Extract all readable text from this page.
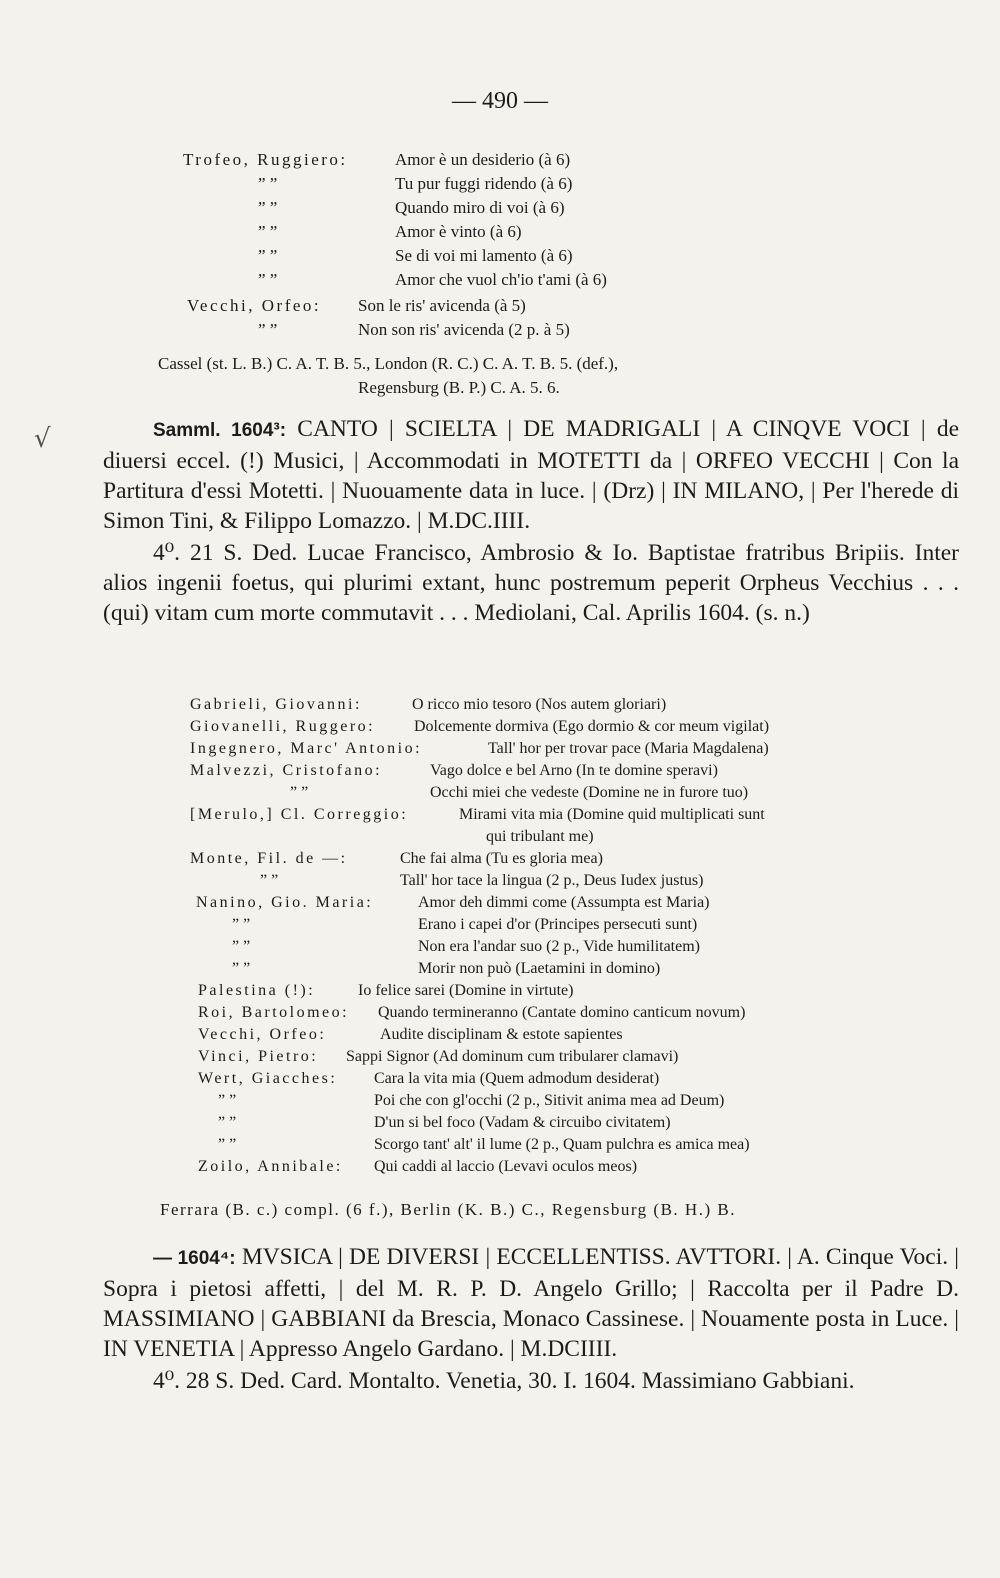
— 490 —
Trofeo, Ruggiero:	Amor è un desiderio (à 6)
” ”	Tu pur fuggi ridendo (à 6)
” ”	Quando miro di voi (à 6)
” ”	Amor è vinto (à 6)
” ”	Se di voi mi lamento (à 6)
” ”	Amor che vuol ch'io t'ami (à 6)
Vecchi, Orfeo: Son le ris' avicenda (à 5)
” ”	Non son ris' avicenda (2 p. à 5)
Cassel (st. L. B.) C. A. T. B. 5., London (R. C.) C. A. T. B. 5. (def.),
Regensburg (B. P.) C. A. 5. 6.
√	Samml. 1604³: CANTO | SCIELTA | DE MADRIGALI | A CINQVE VOCI | de diuersi eccel. (!) Musici, | Accommodati in MOTETTI da | ORFEO VECCHI | Con la Partitura d'essi Motetti. | Nuouamente data in luce. | (Drz) | IN MILANO, | Per l'herede di Simon Tini, & Filippo Lomazzo. | M.DC.IIII.
4⁰. 21 S. Ded. Lucae Francisco, Ambrosio & Io. Baptistae fratribus Bripiis. Inter alios ingenii foetus, qui plurimi extant, hunc postremum peperit Orpheus Vecchius . . . (qui) vitam cum morte commutavit . . . Mediolani, Cal. Aprilis 1604. (s. n.)
Gabrieli, Giovanni:	O ricco mio tesoro (Nos autem gloriari)
Giovanelli, Ruggero: Dolcemente dormiva (Ego dormio & cor meum vigilat)
Ingegnero, Marc' Antonio:	Tall' hor per trovar pace (Maria Magdalena)
Malvezzi, Cristofano:	Vago dolce e bel Arno (In te domine speravi)
” ”	Occhi miei che vedeste (Domine ne in furore tuo)
[Merulo,] Cl. Correggio:	Mirami vita mia (Domine quid multiplicati sunt
qui tribulant me)
Monte, Fil. de —:	Che fai alma (Tu es gloria mea)
” ”	Tall' hor tace la lingua (2 p., Deus Iudex justus)
Nanino, Gio. Maria:	Amor deh dimmi come (Assumpta est Maria)
” ”	Erano i capei d'or (Principes persecuti sunt)
” ”	Non era l'andar suo (2 p., Vide humilitatem)
” ”	Morir non può (Laetamini in domino)
Palestina (!):	Io felice sarei (Domine in virtute)
Roi, Bartolomeo: Quando termineranno (Cantate domino canticum novum)
Vecchi, Orfeo:	Audite disciplinam & estote sapientes
Vinci, Pietro: Sappi Signor (Ad dominum cum tribularer clamavi)
Wert, Giacches: Cara la vita mia (Quem admodum desiderat)
” ”	Poi che con gl'occhi (2 p., Sitivit anima mea ad Deum)
” ”	D'un si bel foco (Vadam & circuibo civitatem)
” ”	Scorgo tant' alt' il lume (2 p., Quam pulchra es amica mea)
Zoilo, Annibale: Qui caddi al laccio (Levavi oculos meos)
Ferrara (B. c.) compl. (6 f.), Berlin (K. B.) C., Regensburg (B. H.) B.
— 1604⁴: MVSICA | DE DIVERSI | ECCELLENTISS. AVTTORI. | A. Cinque Voci. | Sopra i pietosi affetti, | del M. R. P. D. Angelo Grillo; | Raccolta per il Padre D. MASSIMIANO | GABBIANI da Brescia, Monaco Cassinese. | Nouamente posta in Luce. | IN VENETIA | Appresso Angelo Gardano. | M.DCIIII.
4⁰. 28 S. Ded. Card. Montalto. Venetia, 30. I. 1604. Massimiano Gabbiani.
